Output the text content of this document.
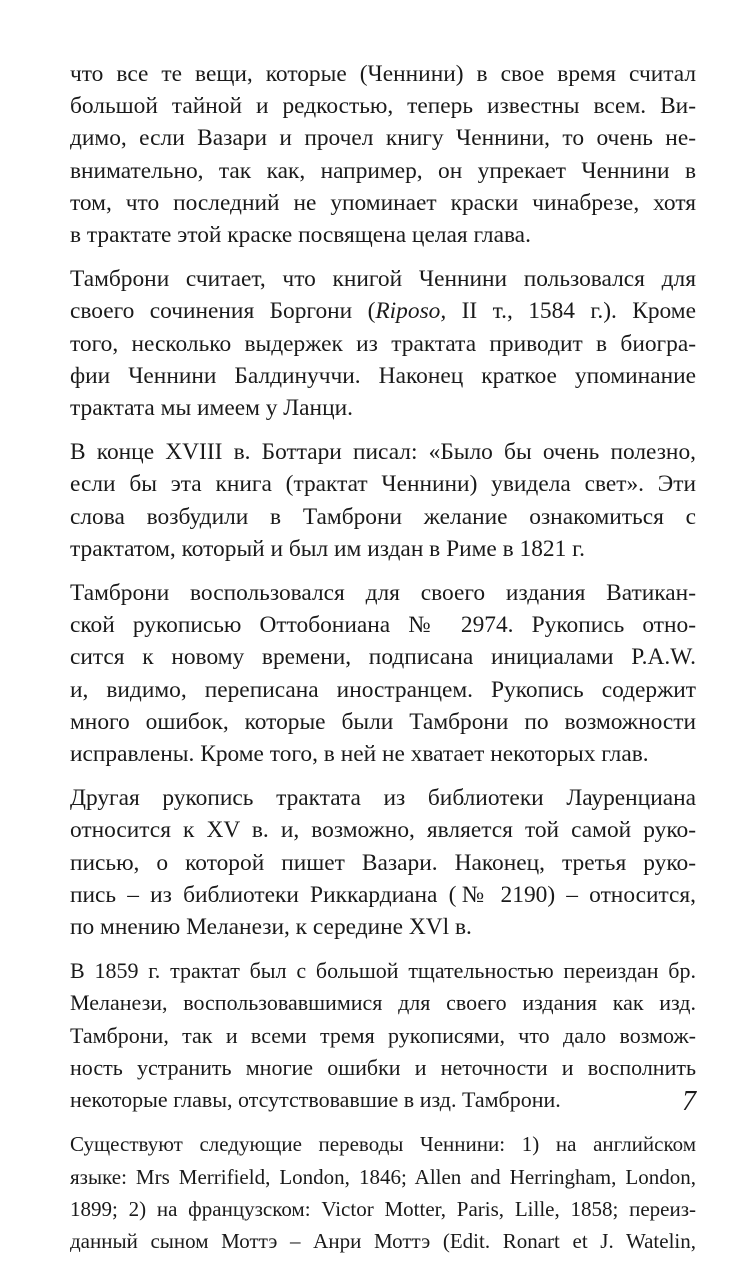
что все те вещи, которые (Ченнини) в свое время считал
большой тайной и редкостью, теперь известны всем. Ви-
димо, если Вазари и прочел книгу Ченнини, то очень не-
внимательно, так как, например, он упрекает Ченнини в
том, что последний не упоминает краски чинабрезе, хотя
в трактате этой краске посвящена целая глава.

Тамброни считает, что книгой Ченнини пользовался для
своего сочинения Боргони (Riposo, II т., 1584 г.). Кроме
того, несколько выдержек из трактата приводит в биогра-
фии Ченнини Балдинуччи. Наконец краткое упоминание
трактата мы имеем у Ланци.

В конце XVIII в. Боттари писал: «Было бы очень полезно,
если бы эта книга (трактат Ченнини) увидела свет». Эти
слова возбудили в Тамброни желание ознакомиться с
трактатом, который и был им издан в Риме в 1821 г.

Тамброни воспользовался для своего издания Ватикан-
ской рукописью Оттобониана № 2974. Рукопись отно-
сится к новому времени, подписана инициалами P.A.W.
и, видимо, переписана иностранцем. Рукопись содержит
много ошибок, которые были Тамброни по возможности
исправлены. Кроме того, в ней не хватает некоторых глав.

Другая рукопись трактата из библиотеки Лауренциана
относится к XV в. и, возможно, является той самой руко-
писью, о которой пишет Вазари. Наконец, третья руко-
пись – из библиотеки Риккардиана (№ 2190) – относится,
по мнению Меланези, к середине XVl в.

В 1859 г. трактат был с большой тщательностью переиздан бр.
Меланези, воспользовавшимися для своего издания как изд.
Тамброни, так и всеми тремя рукописями, что дало возмож-
ность устранить многие ошибки и неточности и восполнить
некоторые главы, отсутствовавшие в изд. Тамброни.

Существуют следующие переводы Ченнини: 1) на английском
языке: Mrs Merrifield, London, 1846; Allen and Herringham, London,
1899; 2) на французском: Victor Motter, Paris, Lille, 1858; переиз-
данный сыном Моттэ – Анри Моттэ (Edit. Ronart et J. Watelin,

7
